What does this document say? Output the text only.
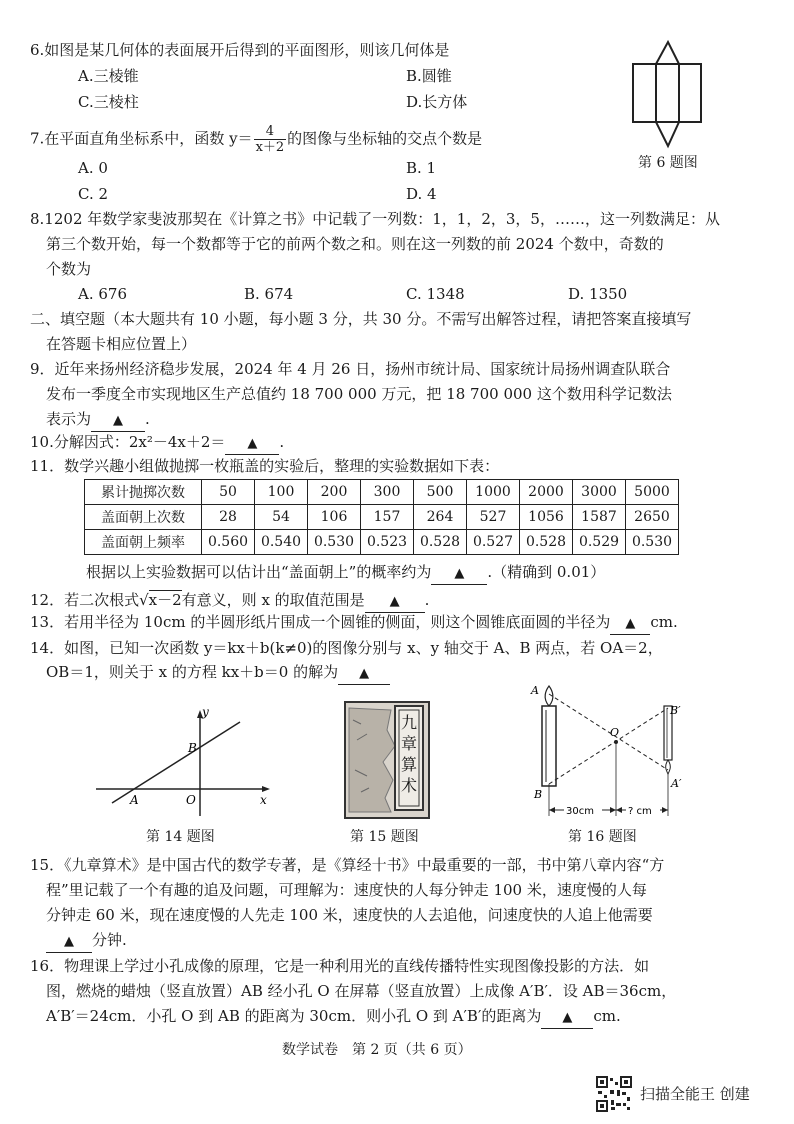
6.如图是某几何体的表面展开后得到的平面图形，则该几何体是
A.三棱锥	B.圆锥
C.三棱柱	D.长方体
第 6 题图
7.在平面直角坐标系中，函数 $y= \frac{4}{x+2}$ 的图像与坐标轴的交点个数是
A. 0	B. 1
C. 2	D. 4
8.1202 年数学家斐波那契在《计算之书》中记载了一列数：1，1，2，3，5，……，这一列数满足：从
第三个数开始，每一个数都等于它的前两个数之和。则在这一列数的前 2024 个数中，奇数的
个数为
A. 676	B. 674	C. 1348	D. 1350
二、填空题（本大题共有 10 小题，每小题 3 分，共 30 分。不需写出解答过程，请把答案直接填写
在答题卡相应位置上）
9．近年来扬州经济稳步发展，2024 年 4 月 26 日，扬州市统计局、国家统计局扬州调查队联合
发布一季度全市实现地区生产总值约 18 700 000 万元，把 18 700 000 这个数用科学记数法
表示为 ▲ .
10.分解因式：2x²－4x＋2＝ ▲ .
11．数学兴趣小组做抛掷一枚瓶盖的实验后，整理的实验数据如下表：
累计抛掷次数	50	100	200	300	500	1000	2000	3000	5000
盖面朝上次数	28	54	106	157	264	527	1056	1587	2650
盖面朝上频率	0.560	0.540	0.530	0.523	0.528	0.527	0.528	0.529	0.530
根据以上实验数据可以估计出“盖面朝上”的概率约为 ▲ .（精确到 0.01）
12．若二次根式√x－2有意义，则 x 的取值范围是 ▲ .
13．若用半径为 10cm 的半圆形纸片围成一个圆锥的侧面，则这个圆锥底面圆的半径为 ▲ cm.
14．如图，已知一次函数 y＝kx＋b(k≠0)的图像分别与 x、y 轴交于 A、B 两点，若 OA＝2，
OB＝1，则关于 x 的方程 kx＋b＝0 的解为 ▲
y
x
B
A	O
第 14 题图
九章算术
第 15 题图
A
B
O
B′
A′
30cm	? cm
第 16 题图
15．《九章算术》是中国古代的数学专著，是《算经十书》中最重要的一部，书中第八章内容“方
程”里记载了一个有趣的追及问题，可理解为：速度快的人每分钟走 100 米，速度慢的人每
分钟走 60 米，现在速度慢的人先走 100 米，速度快的人去追他，问速度快的人追上他需要
▲ 分钟.
16．物理课上学过小孔成像的原理，它是一种利用光的直线传播特性实现图像投影的方法．如
图，燃烧的蜡烛（竖直放置）AB 经小孔 O 在屏幕（竖直放置）上成像 A′B′．设 AB＝36cm，
A′B′＝24cm．小孔 O 到 AB 的距离为 30cm．则小孔 O 到 A′B′的距离为 ▲ cm.
数学试卷　第 2 页（共 6 页）
扫描全能王 创建
